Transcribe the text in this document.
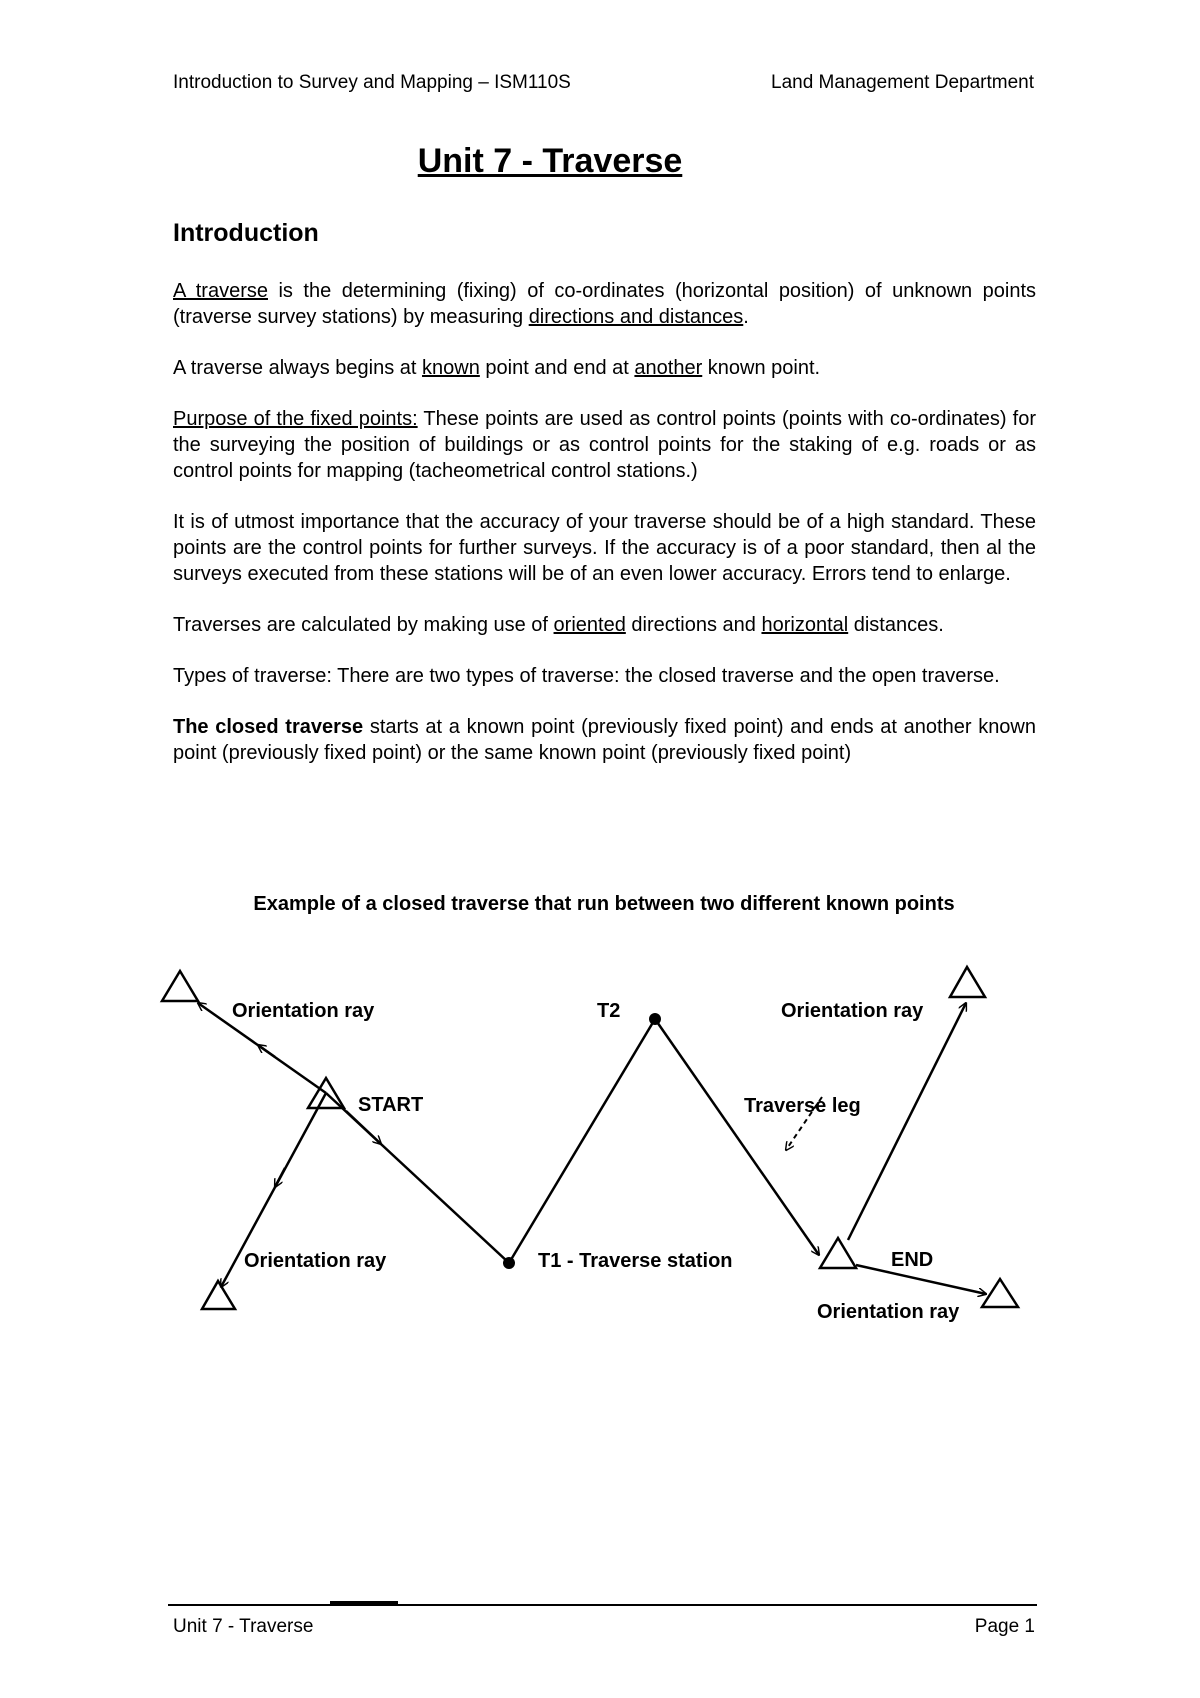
Introduction to Survey and Mapping – ISM110S	Land Management Department
Unit 7 - Traverse
Introduction

A traverse is the determining (fixing) of co-ordinates (horizontal position) of unknown points (traverse survey stations) by measuring directions and distances.

A traverse always begins at known point and end at another known point.

Purpose of the fixed points: These points are used as control points (points with co-ordinates) for the surveying the position of buildings or as control points for the staking of e.g. roads or as control points for mapping (tacheometrical control stations.)

It is of utmost importance that the accuracy of your traverse should be of a high standard. These points are the control points for further surveys. If the accuracy is of a poor standard, then al the surveys executed from these stations will be of an even lower accuracy. Errors tend to enlarge.

Traverses are calculated by making use of oriented directions and horizontal distances.

Types of traverse: There are two types of traverse: the closed traverse and the open traverse.

The closed traverse starts at a known point (previously fixed point) and ends at another known point (previously fixed point) or the same known point (previously fixed point)

Example of a closed traverse that run between two different known points
Orientation ray	T2	Orientation ray
START	Traverse leg
Orientation ray	T1 - Traverse station	END
Orientation ray
Unit 7 - Traverse	Page 1
